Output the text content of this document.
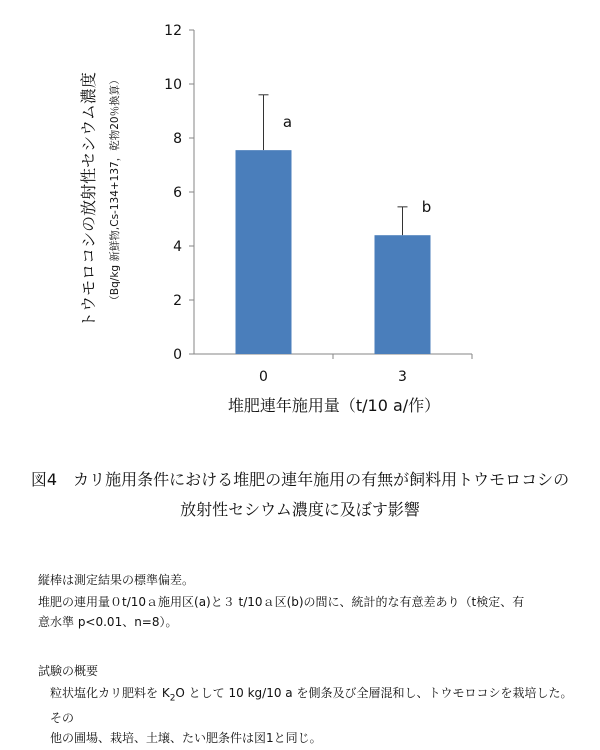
トウモロコシの放射性セシウム濃度 （Bq/kg 新鮮物,Cs-134+137，乾物20％換算）
0
2
4
6
8
10
12
0
a
3
b
堆肥連年施用量（t/10 a/作）
図4　カリ施用条件における堆肥の連年施用の有無が飼料用トウモロコシの
放射性セシウム濃度に及ぼす影響

縦棒は測定結果の標準偏差。

堆肥の連用量０t/10ａ施用区(a)と３ t/10ａ区(b)の間に、統計的な有意差あり（t検定、有

意水準 p<0.01、n=8）。

試験の概要
粒状塩化カリ肥料を $K_2O$ として 10 kg/10 a を側条及び全層混和し、トウモロコシを栽培した。その
他の圃場、栽培、土壌、たい肥条件は図1と同じ。
